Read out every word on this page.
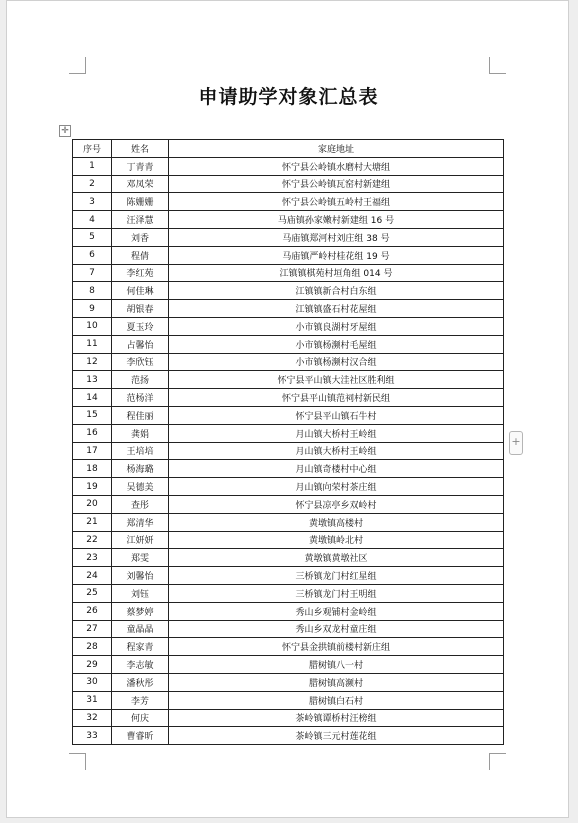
申请助学对象汇总表
✛
+
序号	姓名	家庭地址
1	丁青青	怀宁县公岭镇水磨村大塘组
2	邓凤荣	怀宁县公岭镇瓦窑村新建组
3	陈姗姗	怀宁县公岭镇五岭村王福组
4	汪泽慧	马庙镇孙家嫩村新建组 16 号
5	刘香	马庙镇郑河村刘庄组 38 号
6	程倩	马庙镇严岭村桂花组 19 号
7	李红苑	江镇镇棋苑村垣角组 014 号
8	何佳琳	江镇镇新合村白东组
9	胡银春	江镇镇盛石村花屋组
10	夏玉玲	小市镇良湖村牙屋组
11	占馨怡	小市镇杨濒村毛屋组
12	李欣钰	小市镇杨濒村汉合组
13	范扬	怀宁县平山镇大洼社区胜利组
14	范杨洋	怀宁县平山镇范祠村新民组
15	程佳丽	怀宁县平山镇石牛村
16	龚娟	月山镇大桥村王岭组
17	王培培	月山镇大桥村王岭组
18	杨海璐	月山镇奇楼村中心组
19	吴德美	月山镇向荣村茶庄组
20	查彤	怀宁县凉亭乡双岭村
21	郑清华	黄墩镇高楼村
22	江妍妍	黄墩镇岭北村
23	郑雯	黄墩镇黄墩社区
24	刘馨怡	三桥镇龙门村红星组
25	刘钰	三桥镇龙门村王明组
26	蔡梦婷	秀山乡观铺村金岭组
27	童晶晶	秀山乡双龙村童庄组
28	程家青	怀宁县金拱镇前楼村新庄组
29	李志敏	腊树镇八一村
30	潘秋彤	腊树镇高濒村
31	李芳	腊树镇白石村
32	何庆	茶岭镇谭桥村汪榜组
33	曹睿昕	茶岭镇三元村莲花组
